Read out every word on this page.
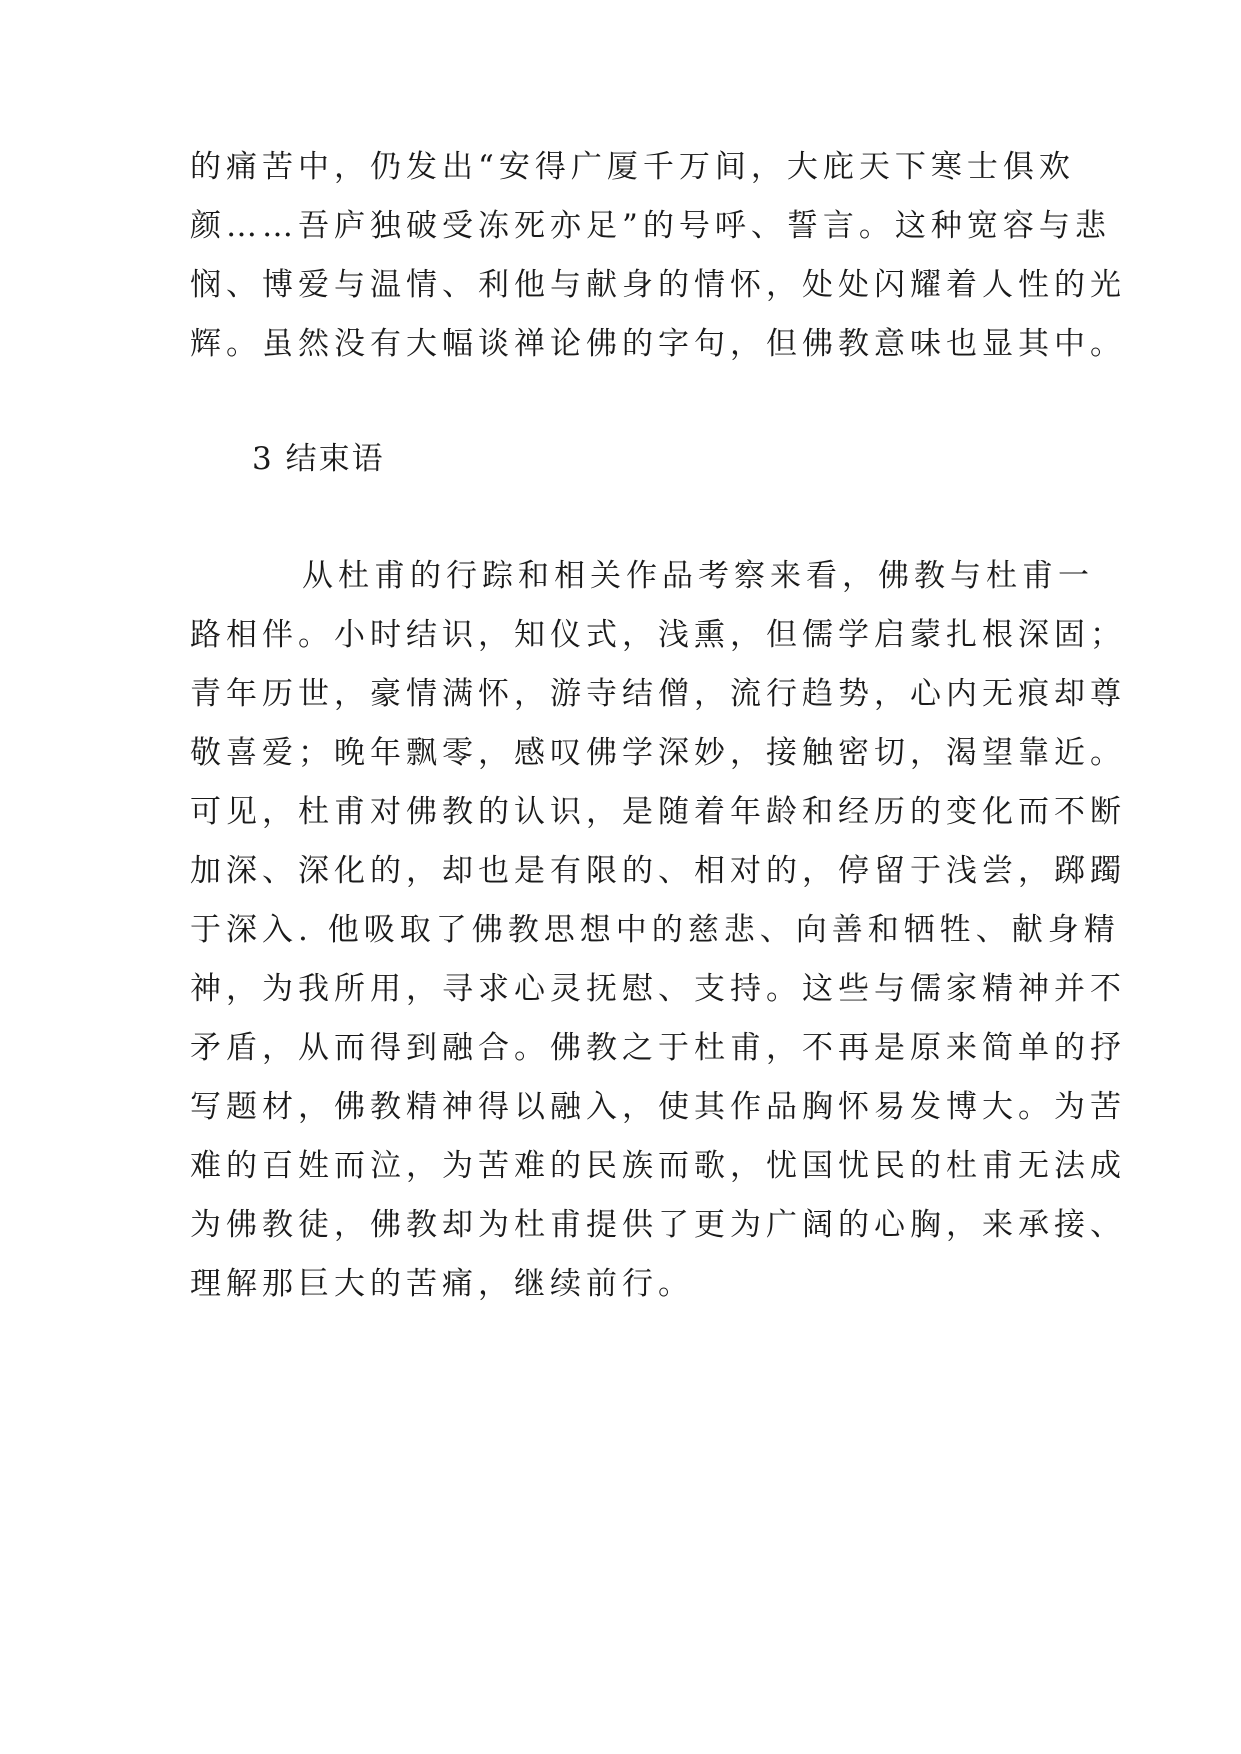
的痛苦中，仍发出“安得广厦千万间，大庇天下寒士俱欢
颜……吾庐独破受冻死亦足”的号呼、誓言。这种宽容与悲
悯、博爱与温情、利他与献身的情怀，处处闪耀着人性的光
辉。虽然没有大幅谈禅论佛的字句，但佛教意味也显其中。
3 结束语
从杜甫的行踪和相关作品考察来看，佛教与杜甫一
路相伴。小时结识，知仪式，浅熏，但儒学启蒙扎根深固；
青年历世，豪情满怀，游寺结僧，流行趋势，心内无痕却尊
敬喜爱；晚年飘零，感叹佛学深妙，接触密切，渴望靠近。
可见，杜甫对佛教的认识，是随着年龄和经历的变化而不断
加深、深化的，却也是有限的、相对的，停留于浅尝，踯躅
于深入. 他吸取了佛教思想中的慈悲、向善和牺牲、献身精
神，为我所用，寻求心灵抚慰、支持。这些与儒家精神并不
矛盾，从而得到融合。佛教之于杜甫，不再是原来简单的抒
写题材，佛教精神得以融入，使其作品胸怀易发博大。为苦
难的百姓而泣，为苦难的民族而歌，忧国忧民的杜甫无法成
为佛教徒，佛教却为杜甫提供了更为广阔的心胸，来承接、
理解那巨大的苦痛，继续前行。
